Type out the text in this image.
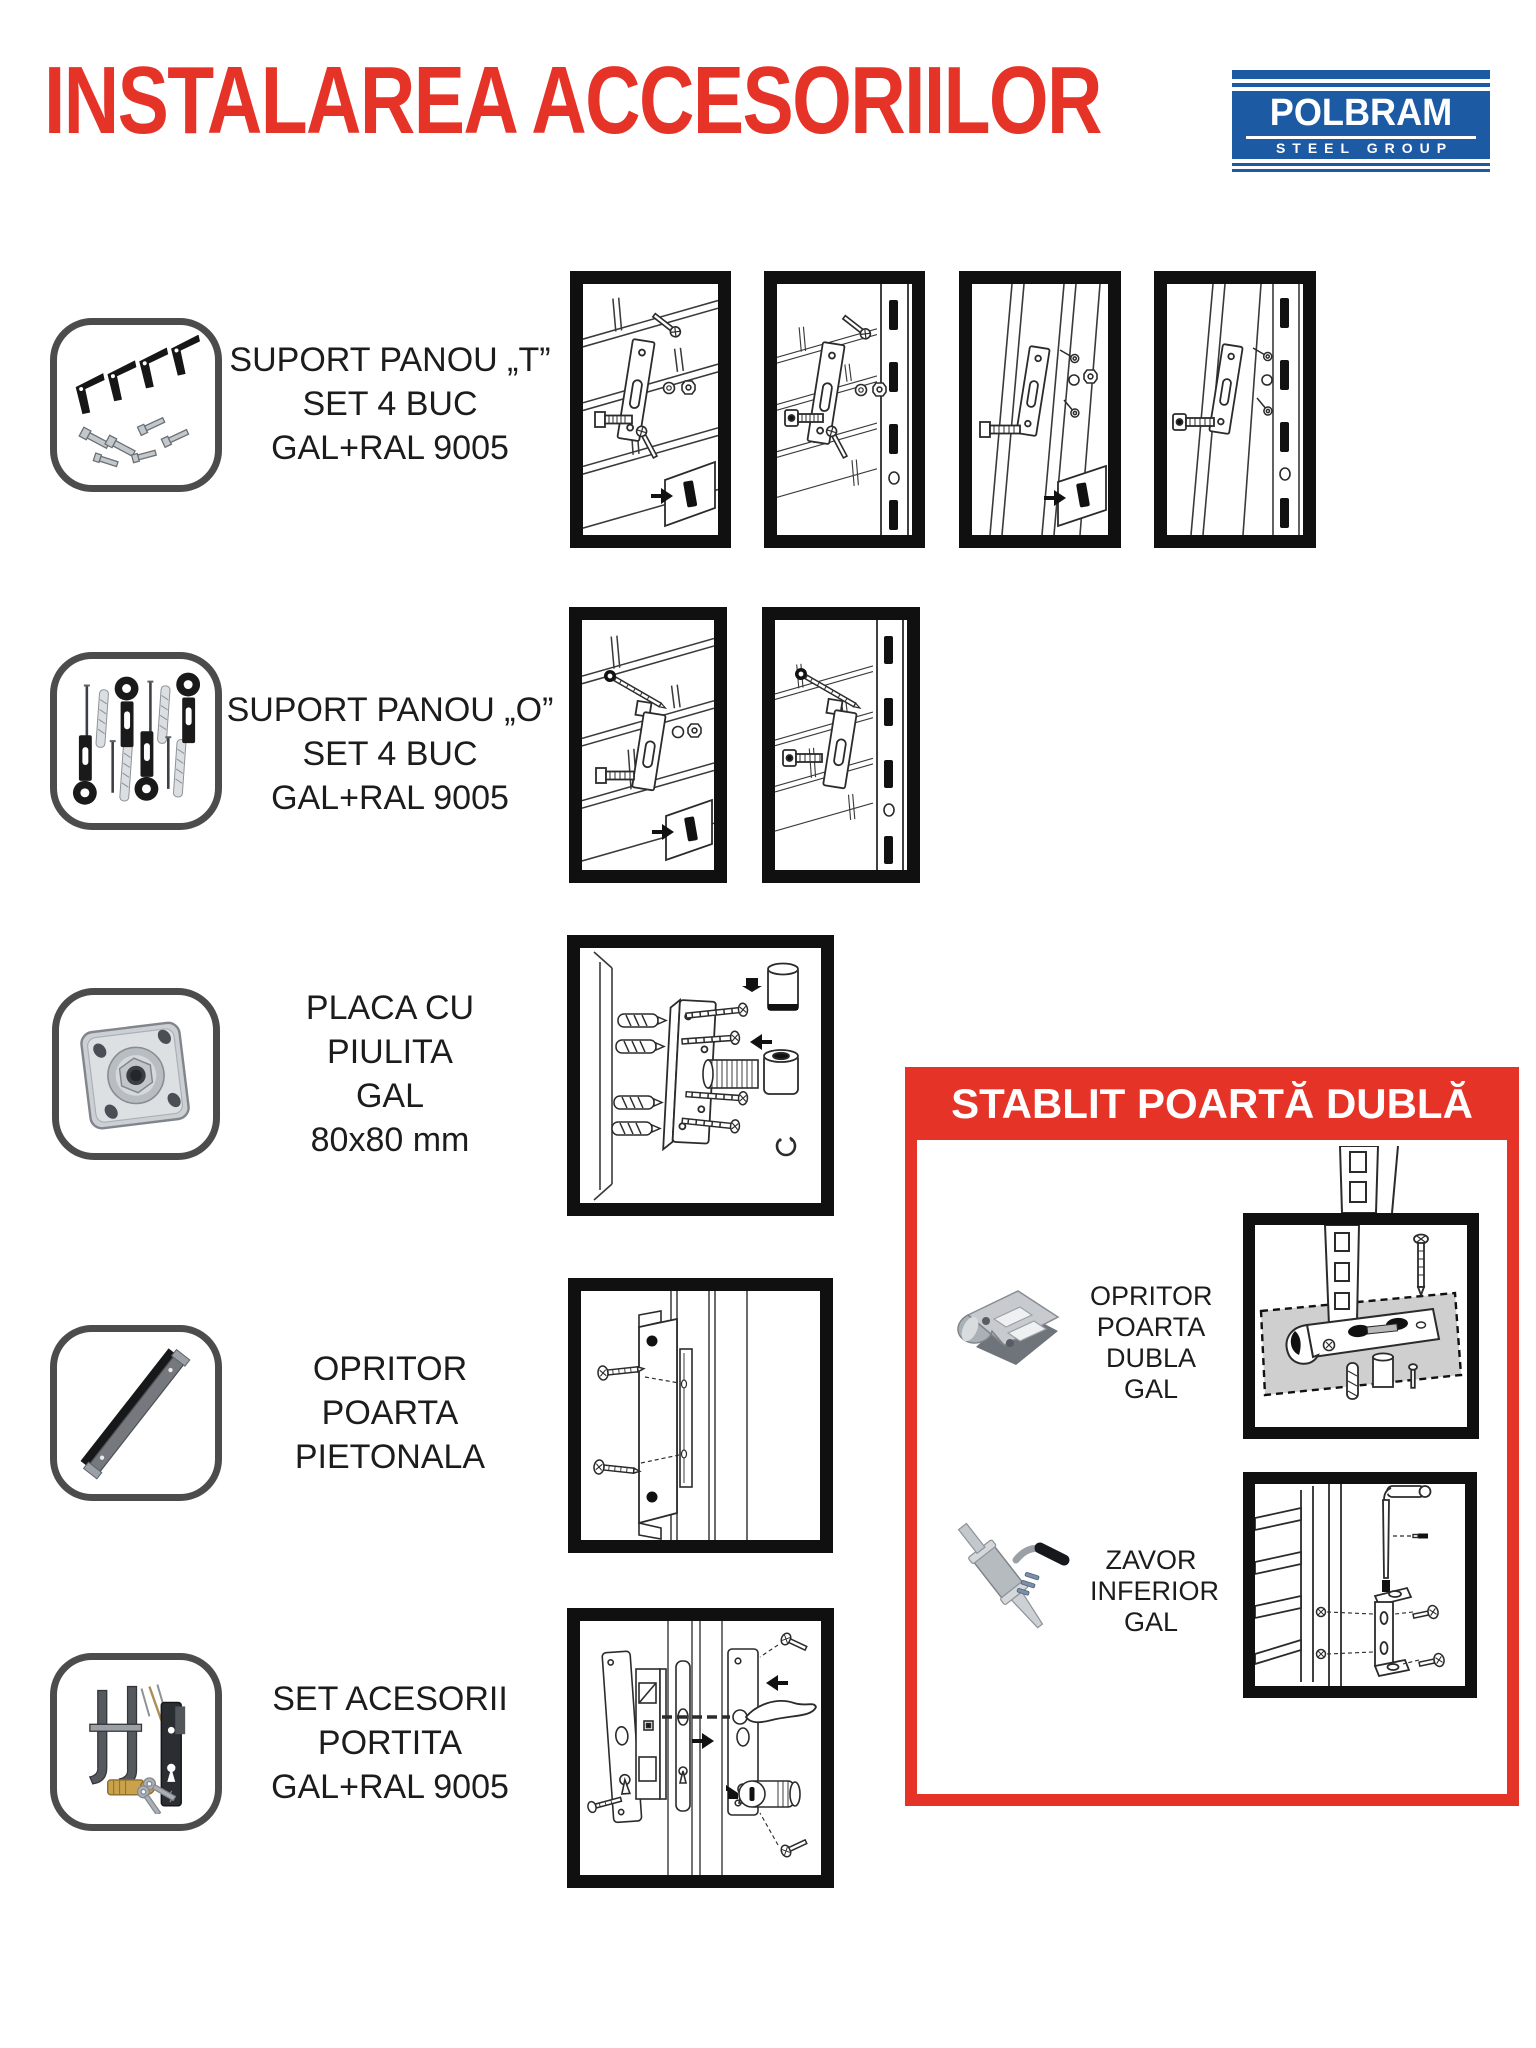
INSTALAREA ACCESORIILOR	POLBRAM
STEEL GROUP
SUPORT PANOU „T”
SET 4 BUC
GAL+RAL 9005
SUPORT PANOU „O”
SET 4 BUC
GAL+RAL 9005
PLACA CU
PIULITA
GAL
80x80 mm
OPRITOR
POARTA
PIETONALA
SET ACESORII
PORTITA
GAL+RAL 9005
STABLIT POARTĂ DUBLĂ
OPRITOR
POARTA
DUBLA
GAL
ZAVOR
INFERIOR
GAL
